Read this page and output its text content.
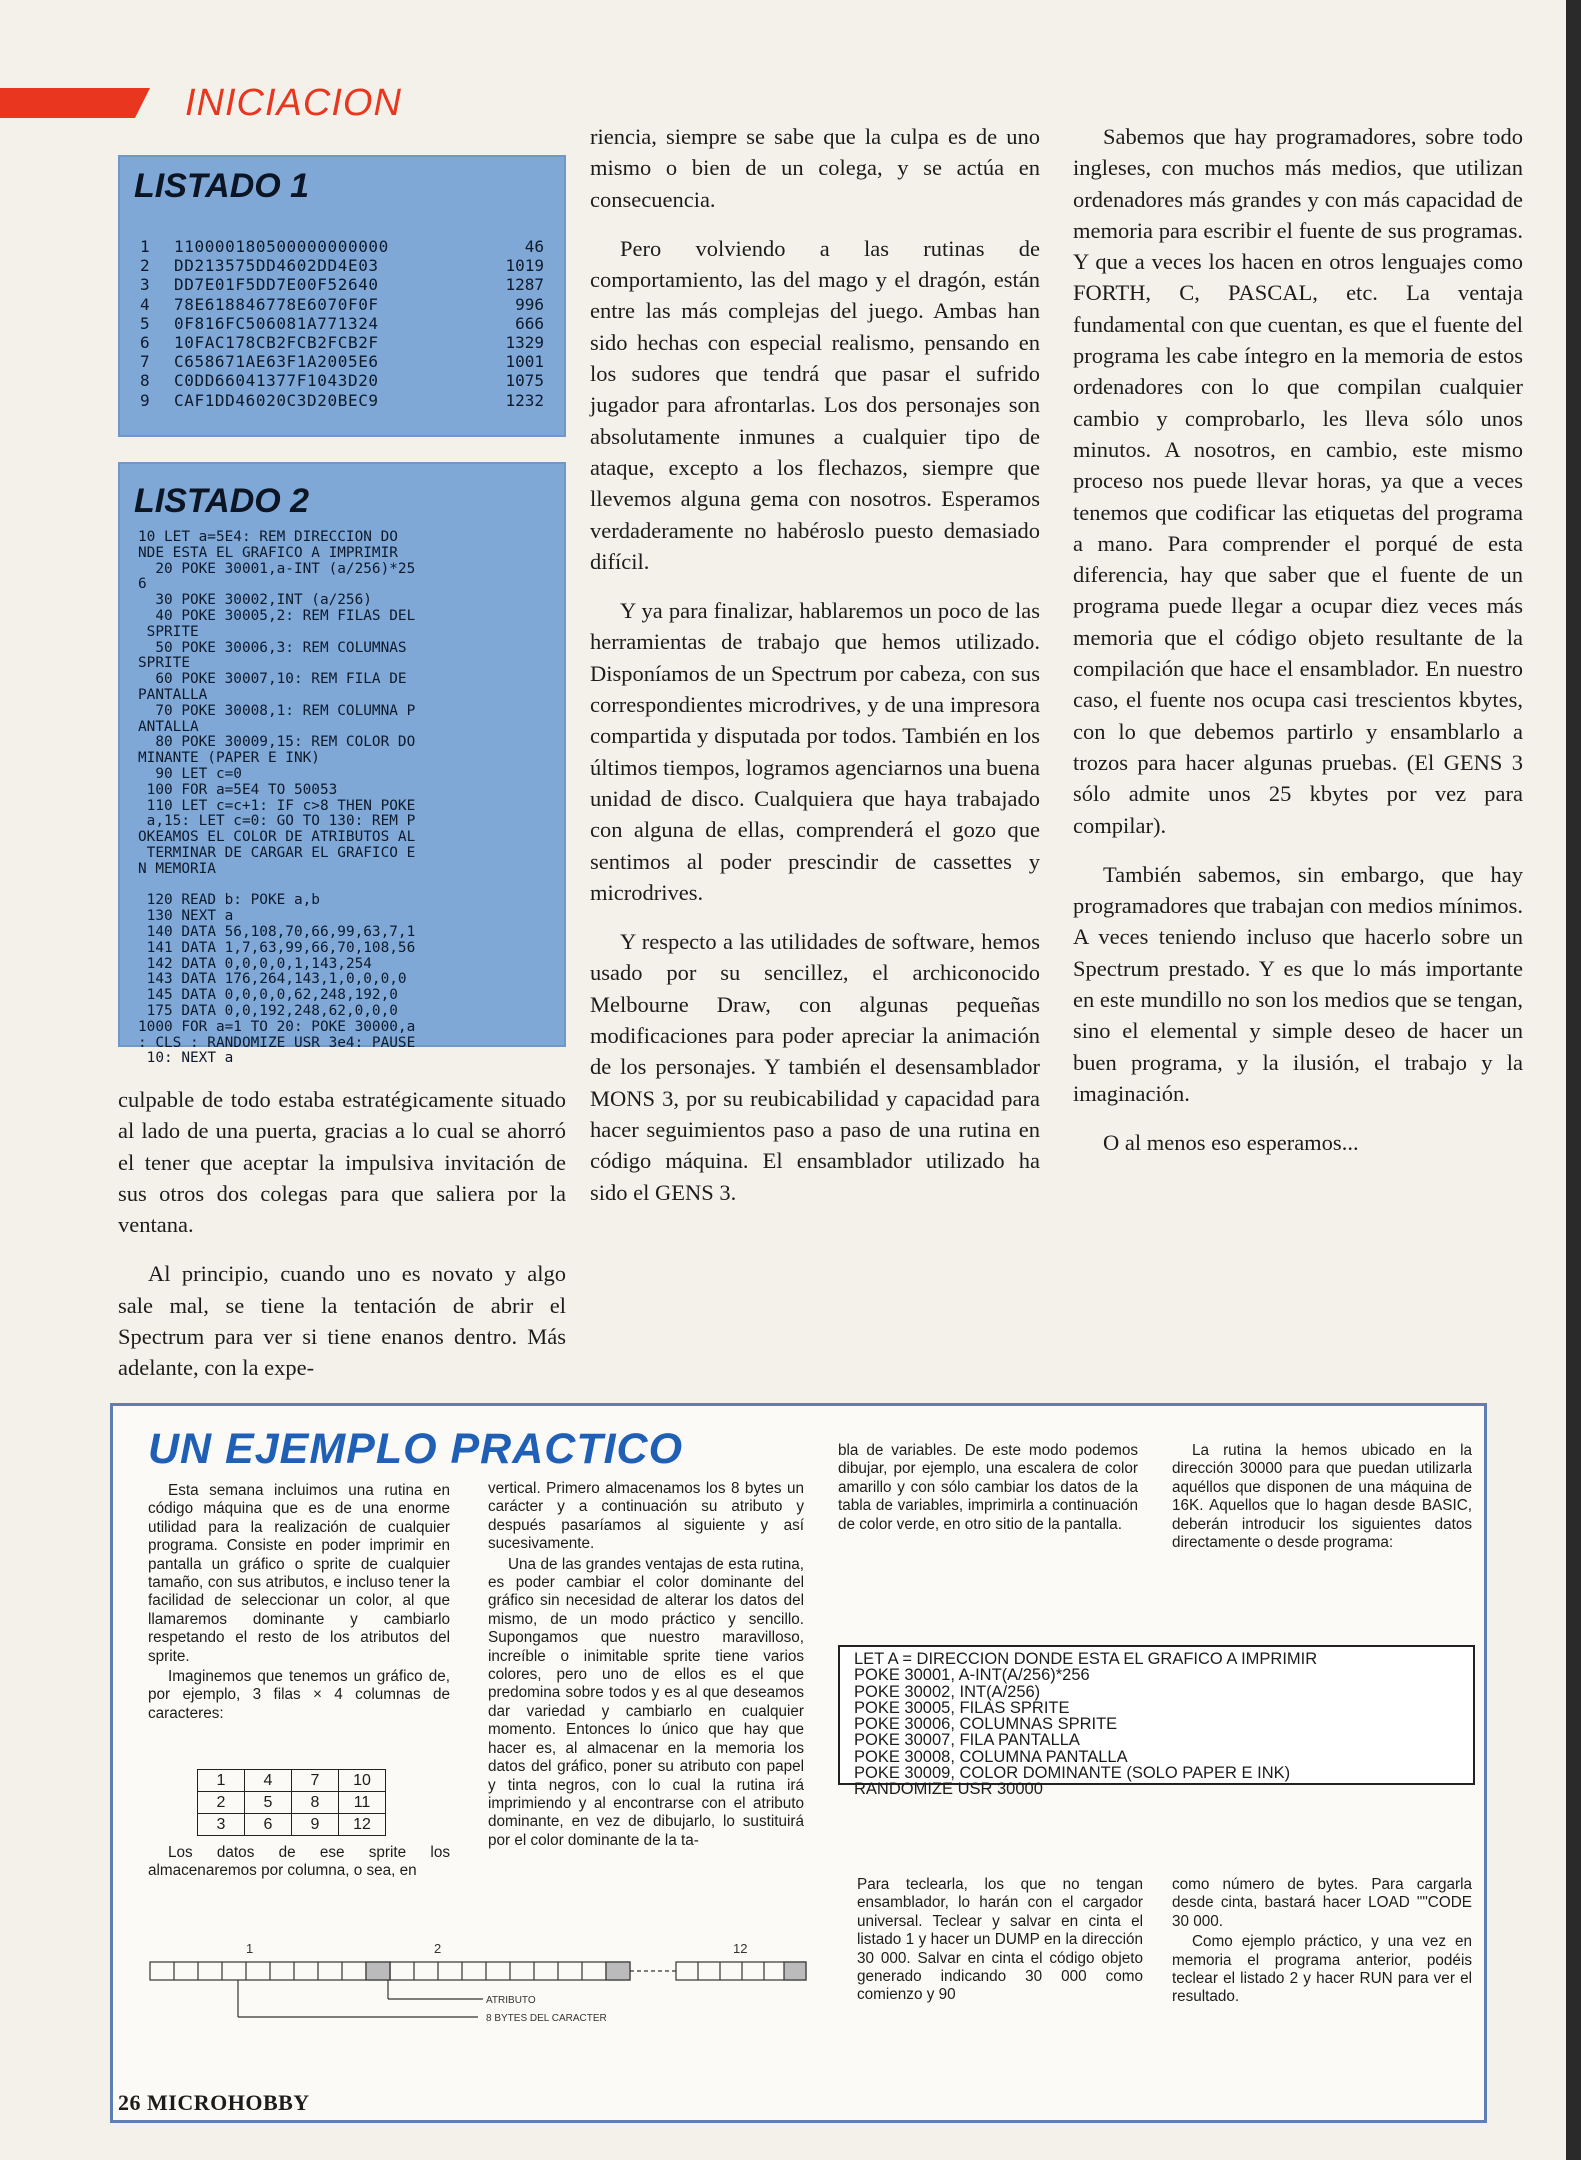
INICIACION
LISTADO 1
1	110000180500000000000	46
2	DD213575DD4602DD4E03	1019
3	DD7E01F5DD7E00F52640	1287
4	78E618846778E6070F0F	996
5	0F816FC506081A771324	666
6	10FAC178CB2FCB2FCB2F	1329
7	C658671AE63F1A2005E6	1001
8	C0DD66041377F1043D20	1075
9	CAF1DD46020C3D20BEC9	1232
LISTADO 2
10 LET a=5E4: REM DIRECCION DO
NDE ESTA EL GRAFICO A IMPRIMIR
20 POKE 30001,a-INT (a/256)*25
6
30 POKE 30002,INT (a/256)
40 POKE 30005,2: REM FILAS DEL
SPRITE
50 POKE 30006,3: REM COLUMNAS
SPRITE
60 POKE 30007,10: REM FILA DE
PANTALLA
70 POKE 30008,1: REM COLUMNA P
ANTALLA
80 POKE 30009,15: REM COLOR DO
MINANTE (PAPER E INK)
90 LET c=0
100 FOR a=5E4 TO 50053
110 LET c=c+1: IF c>8 THEN POKE
a,15: LET c=0: GO TO 130: REM P
OKEAMOS EL COLOR DE ATRIBUTOS AL
TERMINAR DE CARGAR EL GRAFICO E
N MEMORIA

120 READ b: POKE a,b
130 NEXT a
140 DATA 56,108,70,66,99,63,7,1
141 DATA 1,7,63,99,66,70,108,56
142 DATA 0,0,0,0,1,143,254
143 DATA 176,264,143,1,0,0,0,0
145 DATA 0,0,0,0,62,248,192,0
175 DATA 0,0,192,248,62,0,0,0
1000 FOR a=1 TO 20: POKE 30000,a
: CLS : RANDOMIZE USR 3e4: PAUSE
10: NEXT a

culpable de todo estaba estratégicamente situado al lado de una puerta, gracias a lo cual se ahorró el tener que aceptar la impulsiva invitación de sus otros dos colegas para que saliera por la ventana.

Al principio, cuando uno es novato y algo sale mal, se tiene la tentación de abrir el Spectrum para ver si tiene enanos dentro. Más adelante, con la expe-

riencia, siempre se sabe que la culpa es de uno mismo o bien de un colega, y se actúa en consecuencia.

Pero volviendo a las rutinas de comportamiento, las del mago y el dragón, están entre las más complejas del juego. Ambas han sido hechas con especial realismo, pensando en los sudores que tendrá que pasar el sufrido jugador para afrontarlas. Los dos personajes son absolutamente inmunes a cualquier tipo de ataque, excepto a los flechazos, siempre que llevemos alguna gema con nosotros. Esperamos verdaderamente no habéroslo puesto demasiado difícil.

Y ya para finalizar, hablaremos un poco de las herramientas de trabajo que hemos utilizado. Disponíamos de un Spectrum por cabeza, con sus correspondientes microdrives, y de una impresora compartida y disputada por todos. También en los últimos tiempos, logramos agenciarnos una buena unidad de disco. Cualquiera que haya trabajado con alguna de ellas, comprenderá el gozo que sentimos al poder prescindir de cassettes y microdrives.

Y respecto a las utilidades de software, hemos usado por su sencillez, el archiconocido Melbourne Draw, con algunas pequeñas modificaciones para poder apreciar la animación de los personajes. Y también el desensamblador MONS 3, por su reubicabilidad y capacidad para hacer seguimientos paso a paso de una rutina en código máquina. El ensamblador utilizado ha sido el GENS 3.

Sabemos que hay programadores, sobre todo ingleses, con muchos más medios, que utilizan ordenadores más grandes y con más capacidad de memoria para escribir el fuente de sus programas. Y que a veces los hacen en otros lenguajes como FORTH, C, PASCAL, etc. La ventaja fundamental con que cuentan, es que el fuente del programa les cabe íntegro en la memoria de estos ordenadores con lo que compilan cualquier cambio y comprobarlo, les lleva sólo unos minutos. A nosotros, en cambio, este mismo proceso nos puede llevar horas, ya que a veces tenemos que codificar las etiquetas del programa a mano. Para comprender el porqué de esta diferencia, hay que saber que el fuente de un programa puede llegar a ocupar diez veces más memoria que el código objeto resultante de la compilación que hace el ensamblador. En nuestro caso, el fuente nos ocupa casi trescientos kbytes, con lo que debemos partirlo y ensamblarlo a trozos para hacer algunas pruebas. (El GENS 3 sólo admite unos 25 kbytes por vez para compilar).

También sabemos, sin embargo, que hay programadores que trabajan con medios mínimos. A veces teniendo incluso que hacerlo sobre un Spectrum prestado. Y es que lo más importante en este mundillo no son los medios que se tengan, sino el elemental y simple deseo de hacer un buen programa, y la ilusión, el trabajo y la imaginación.

O al menos eso esperamos...

UN EJEMPLO PRACTICO

Esta semana incluimos una rutina en código máquina que es de una enorme utilidad para la realización de cualquier programa. Consiste en poder imprimir en pantalla un gráfico o sprite de cualquier tamaño, con sus atributos, e incluso tener la facilidad de seleccionar un color, al que llamaremos dominante y cambiarlo respetando el resto de los atributos del sprite.

Imaginemos que tenemos un gráfico de, por ejemplo, 3 filas × 4 columnas de caracteres:

1	4	7	10
2	5	8	11
3	6	9	12

Los datos de ese sprite los almacenaremos por columna, o sea, en

vertical. Primero almacenamos los 8 bytes un carácter y a continuación su atributo y después pasaríamos al siguiente y así sucesivamente.

Una de las grandes ventajas de esta rutina, es poder cambiar el color dominante del gráfico sin necesidad de alterar los datos del mismo, de un modo práctico y sencillo. Supongamos que nuestro maravilloso, increíble o inimitable sprite tiene varios colores, pero uno de ellos es el que predomina sobre todos y es al que deseamos dar variedad y cambiarlo en cualquier momento. Entonces lo único que hay que hacer es, al almacenar en la memoria los datos del gráfico, poner su atributo con papel y tinta negros, con lo cual la rutina irá imprimiendo y al encontrarse con el atributo dominante, en vez de dibujarlo, lo sustituirá por el color dominante de la ta-

bla de variables. De este modo podemos dibujar, por ejemplo, una escalera de color amarillo y con sólo cambiar los datos de la tabla de variables, imprimirla a continuación de color verde, en otro sitio de la pantalla.

La rutina la hemos ubicado en la dirección 30000 para que puedan utilizarla aquéllos que disponen de una máquina de 16K. Aquellos que lo hagan desde BASIC, deberán introducir los siguientes datos directamente o desde programa:

LET A = DIRECCION DONDE ESTA EL GRAFICO A IMPRIMIR
POKE 30001, A-INT(A/256)*256
POKE 30002, INT(A/256)
POKE 30005, FILAS SPRITE
POKE 30006, COLUMNAS SPRITE
POKE 30007, FILA PANTALLA
POKE 30008, COLUMNA PANTALLA
POKE 30009, COLOR DOMINANTE (SOLO PAPER E INK)
RANDOMIZE USR 30000

Para teclearla, los que no tengan ensamblador, lo harán con el cargador universal. Teclear y salvar en cinta el listado 1 y hacer un DUMP en la dirección 30 000. Salvar en cinta el código objeto generado indicando 30 000 como comienzo y 90

como número de bytes. Para cargarla desde cinta, bastará hacer LOAD ""CODE 30 000.

Como ejemplo práctico, y una vez en memoria el programa anterior, podéis teclear el listado 2 y hacer RUN para ver el resultado.

1	2	12
ATRIBUTO
8 BYTES DEL CARACTER
26 MICROHOBBY
